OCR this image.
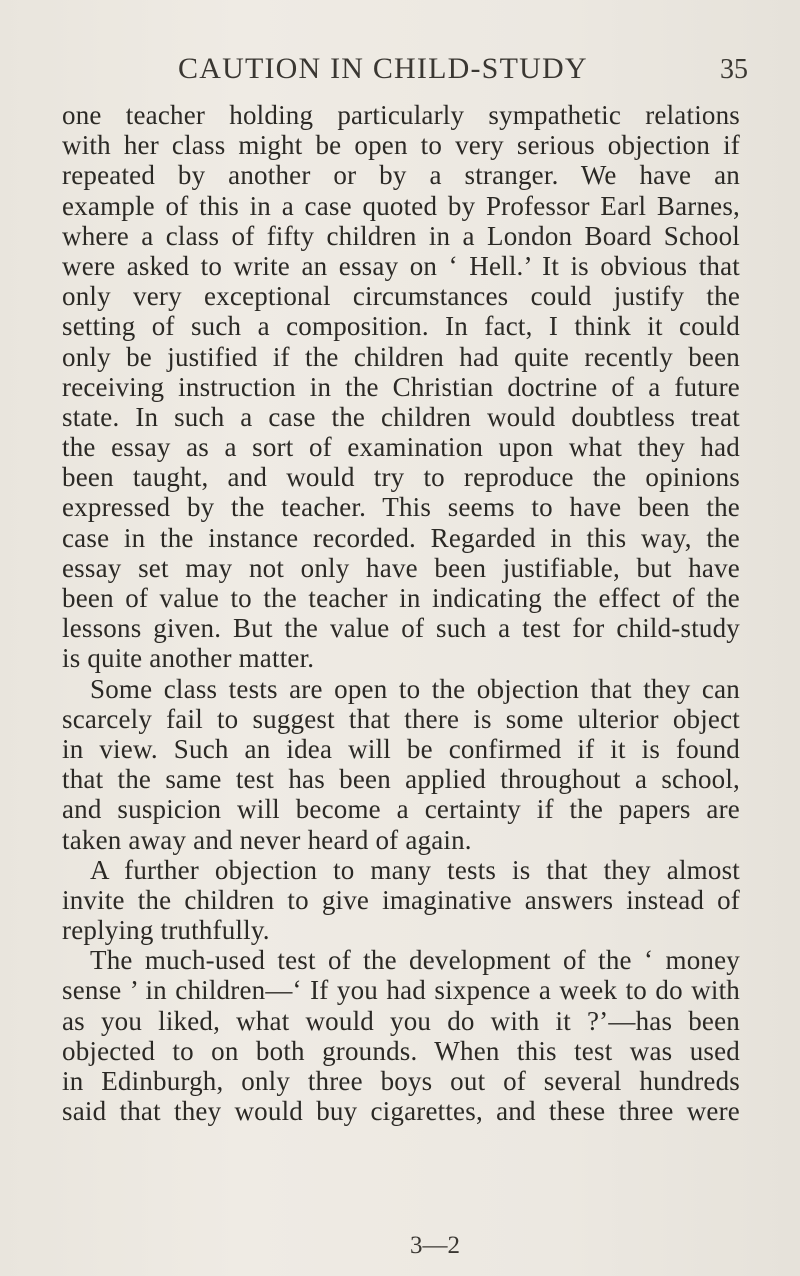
CAUTION IN CHILD-STUDY	35
one teacher holding particularly sympathetic relations
with her class might be open to very serious objection if
repeated by another or by a stranger. We have an
example of this in a case quoted by Professor Earl Barnes,
where a class of fifty children in a London Board School
were asked to write an essay on ‘ Hell.’ It is obvious that
only very exceptional circumstances could justify the
setting of such a composition. In fact, I think it could
only be justified if the children had quite recently been
receiving instruction in the Christian doctrine of a future
state. In such a case the children would doubtless treat
the essay as a sort of examination upon what they had
been taught, and would try to reproduce the opinions
expressed by the teacher. This seems to have been the
case in the instance recorded. Regarded in this way, the
essay set may not only have been justifiable, but have
been of value to the teacher in indicating the effect of the
lessons given. But the value of such a test for child-study
is quite another matter.
Some class tests are open to the objection that they can
scarcely fail to suggest that there is some ulterior object
in view. Such an idea will be confirmed if it is found
that the same test has been applied throughout a school,
and suspicion will become a certainty if the papers are
taken away and never heard of again.
A further objection to many tests is that they almost
invite the children to give imaginative answers instead of
replying truthfully.
The much-used test of the development of the ‘ money
sense ’ in children—‘ If you had sixpence a week to do with
as you liked, what would you do with it ?’—has been
objected to on both grounds. When this test was used
in Edinburgh, only three boys out of several hundreds
said that they would buy cigarettes, and these three were
3—2
